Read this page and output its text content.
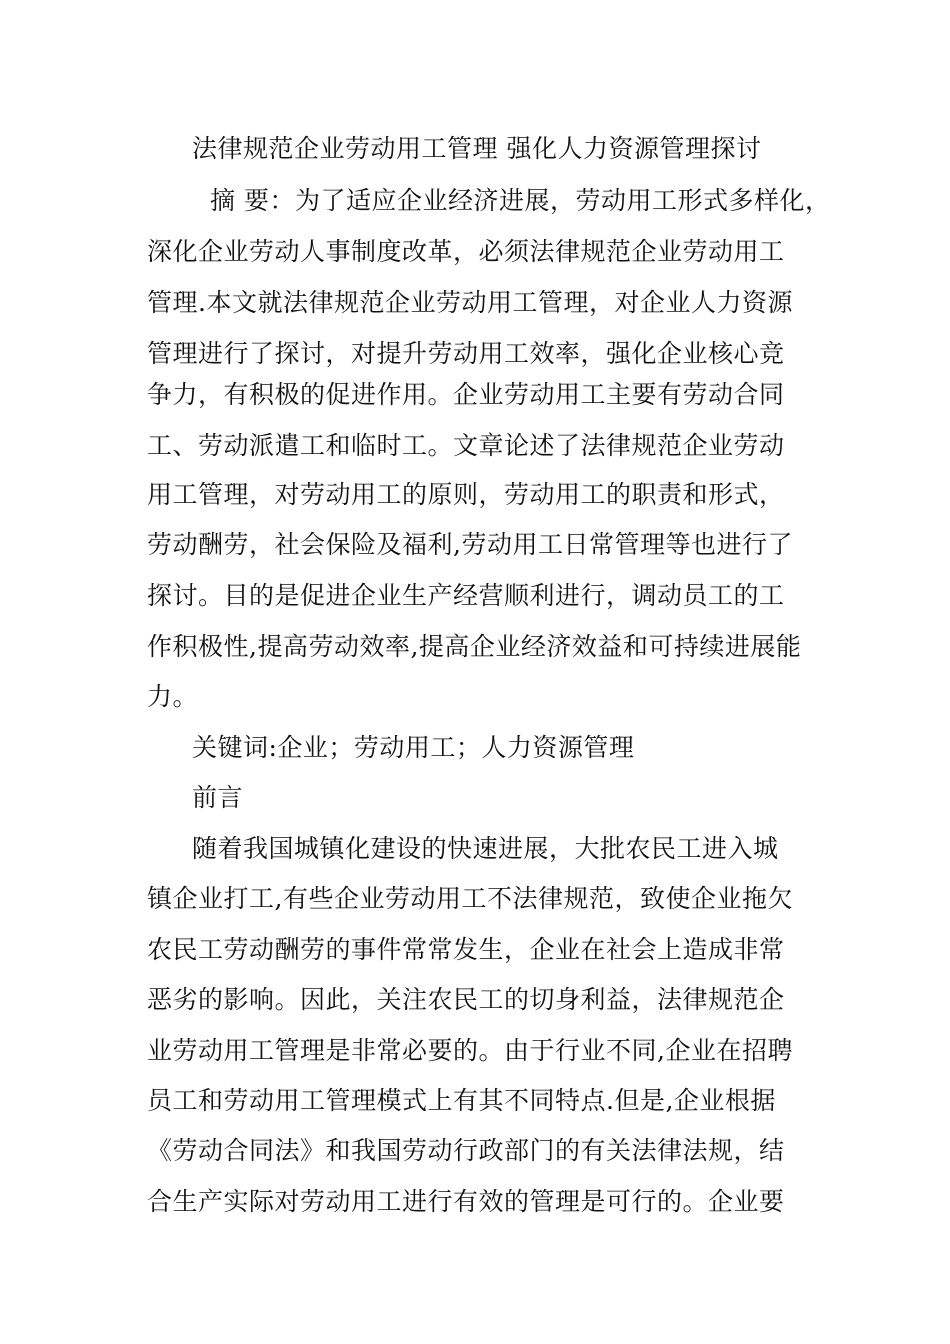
法律规范企业劳动用工管理 强化人力资源管理探讨
摘 要：为了适应企业经济进展，劳动用工形式多样化，
深化企业劳动人事制度改革，必须法律规范企业劳动用工
管理.本文就法律规范企业劳动用工管理，对企业人力资源
管理进行了探讨，对提升劳动用工效率，强化企业核心竞
争力，有积极的促进作用。企业劳动用工主要有劳动合同
工、劳动派遣工和临时工。文章论述了法律规范企业劳动
用工管理，对劳动用工的原则，劳动用工的职责和形式，
劳动酬劳，社会保险及福利,劳动用工日常管理等也进行了
探讨。目的是促进企业生产经营顺利进行，调动员工的工
作积极性,提高劳动效率,提高企业经济效益和可持续进展能
力。
关键词:企业；劳动用工；人力资源管理
前言
随着我国城镇化建设的快速进展，大批农民工进入城
镇企业打工,有些企业劳动用工不法律规范，致使企业拖欠
农民工劳动酬劳的事件常常发生，企业在社会上造成非常
恶劣的影响。因此，关注农民工的切身利益，法律规范企
业劳动用工管理是非常必要的。由于行业不同,企业在招聘
员工和劳动用工管理模式上有其不同特点.但是,企业根据
《劳动合同法》和我国劳动行政部门的有关法律法规，结
合生产实际对劳动用工进行有效的管理是可行的。企业要
